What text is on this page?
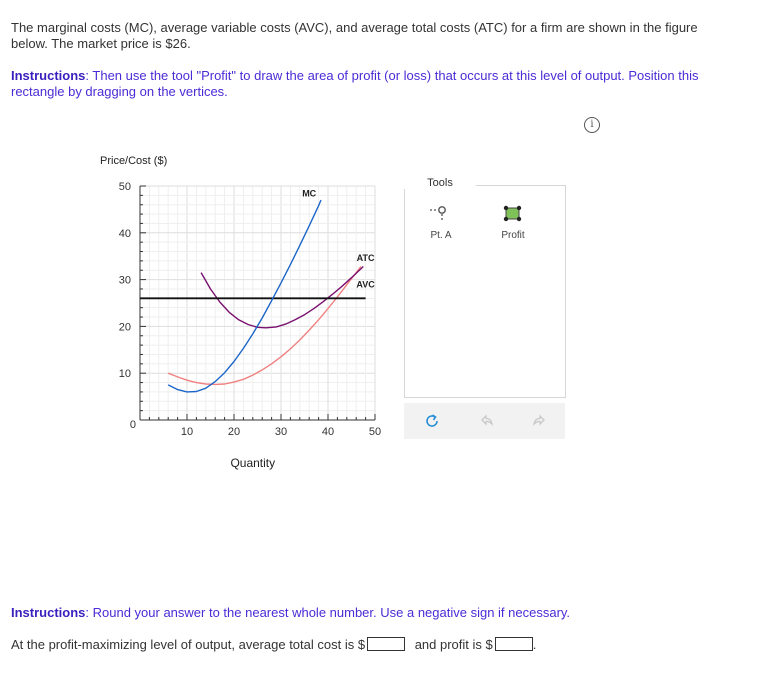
The marginal costs (MC), average variable costs (AVC), and average total costs (ATC) for a firm are shown in the figure below. The market price is $26.
Instructions: Then use the tool "Profit" to draw the area of profit (or loss) that occurs at this level of output. Position this rectangle by dragging on the vertices.
i
10	20	30	40	50
0
10
20
30
40
50
Price/Cost ($)
Quantity
MC
ATC
AVC
Tools
Pt. A	Profit
Instructions: Round your answer to the nearest whole number. Use a negative sign if necessary.
At the profit-maximizing level of output, average total cost is $	and profit is $	.
